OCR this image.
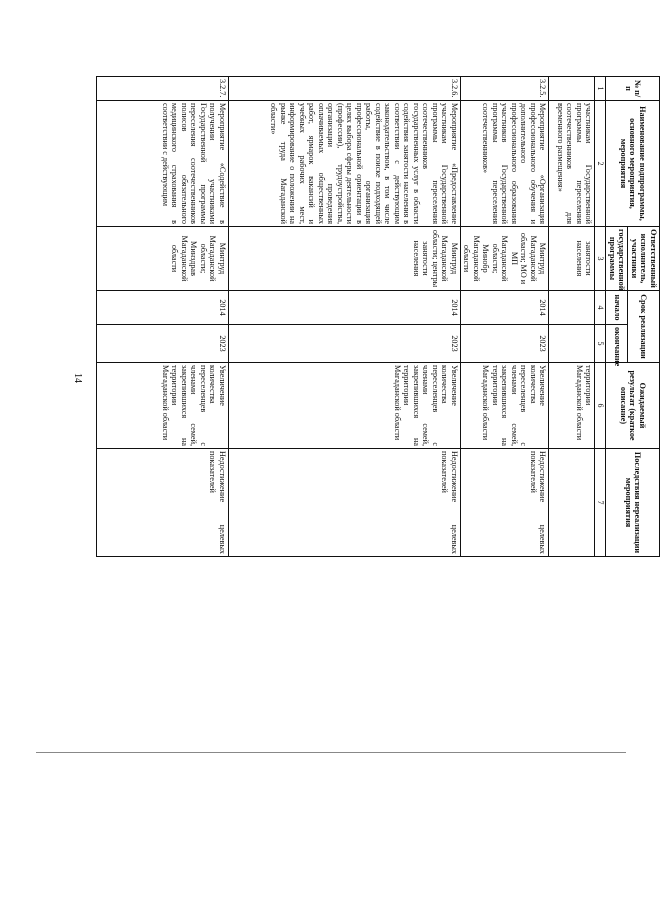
14
№ п/п	Наименование подпрограммы, основного мероприятия, мероприятия	Ответственный исполнитель, участники	Срок реализации		Ожидаемый результат (краткое описание)	Последствия нереализации мероприятия
		государственной программы	начало	окончание		

1	2	3	4	5	6	7
	участникам Государственной программы переселения соотечественников для временного размещения»	занятости населения			территории Магаданской области	
3.2.5.	Мероприятие «Организация профессионального обучения и дополнительного профессионального образования участников Государственной программы переселения соотечественников»	Минтруд Магаданской области; МО и МП Магаданской области; Минобр Магаданской области	2014	2023	Увеличение количества переселенцев с членами семей, закрепившихся на территории Магаданской области	Недостижение целевых показателей
3.2.6.	Мероприятие «Предоставление участникам Государственной программы переселения соотечественников государственных услуг в области содействия занятости населения в соответствии с действующим законодательством, в том числе содействие в поиске подходящей работы, организация профессиональной ориентации в целях выбора сферы деятельности (профессии), трудоустройства, организации проведения оплачиваемых общественных работ, ярмарок вакансий и учебных рабочих мест, информирование о положении на рынке труда Магаданской области»	Минтруд Магаданской области; центры занятости населения	2014	2023	Увеличение количества переселенцев с членами семей, закрепившихся на территории Магаданской области	Недостижение целевых показателей
3.2.7.	Мероприятие «Содействие в получении участниками Государственной программы переселения соотечественников полисов обязательного медицинского страхования в соответствии с действующим	Минтруд Магаданской области; Минздрав Магаданской области	2014	2023	Увеличение количества переселенцев с членами семей, закрепившихся на территории Магаданской области	Недостижение целевых показателей
